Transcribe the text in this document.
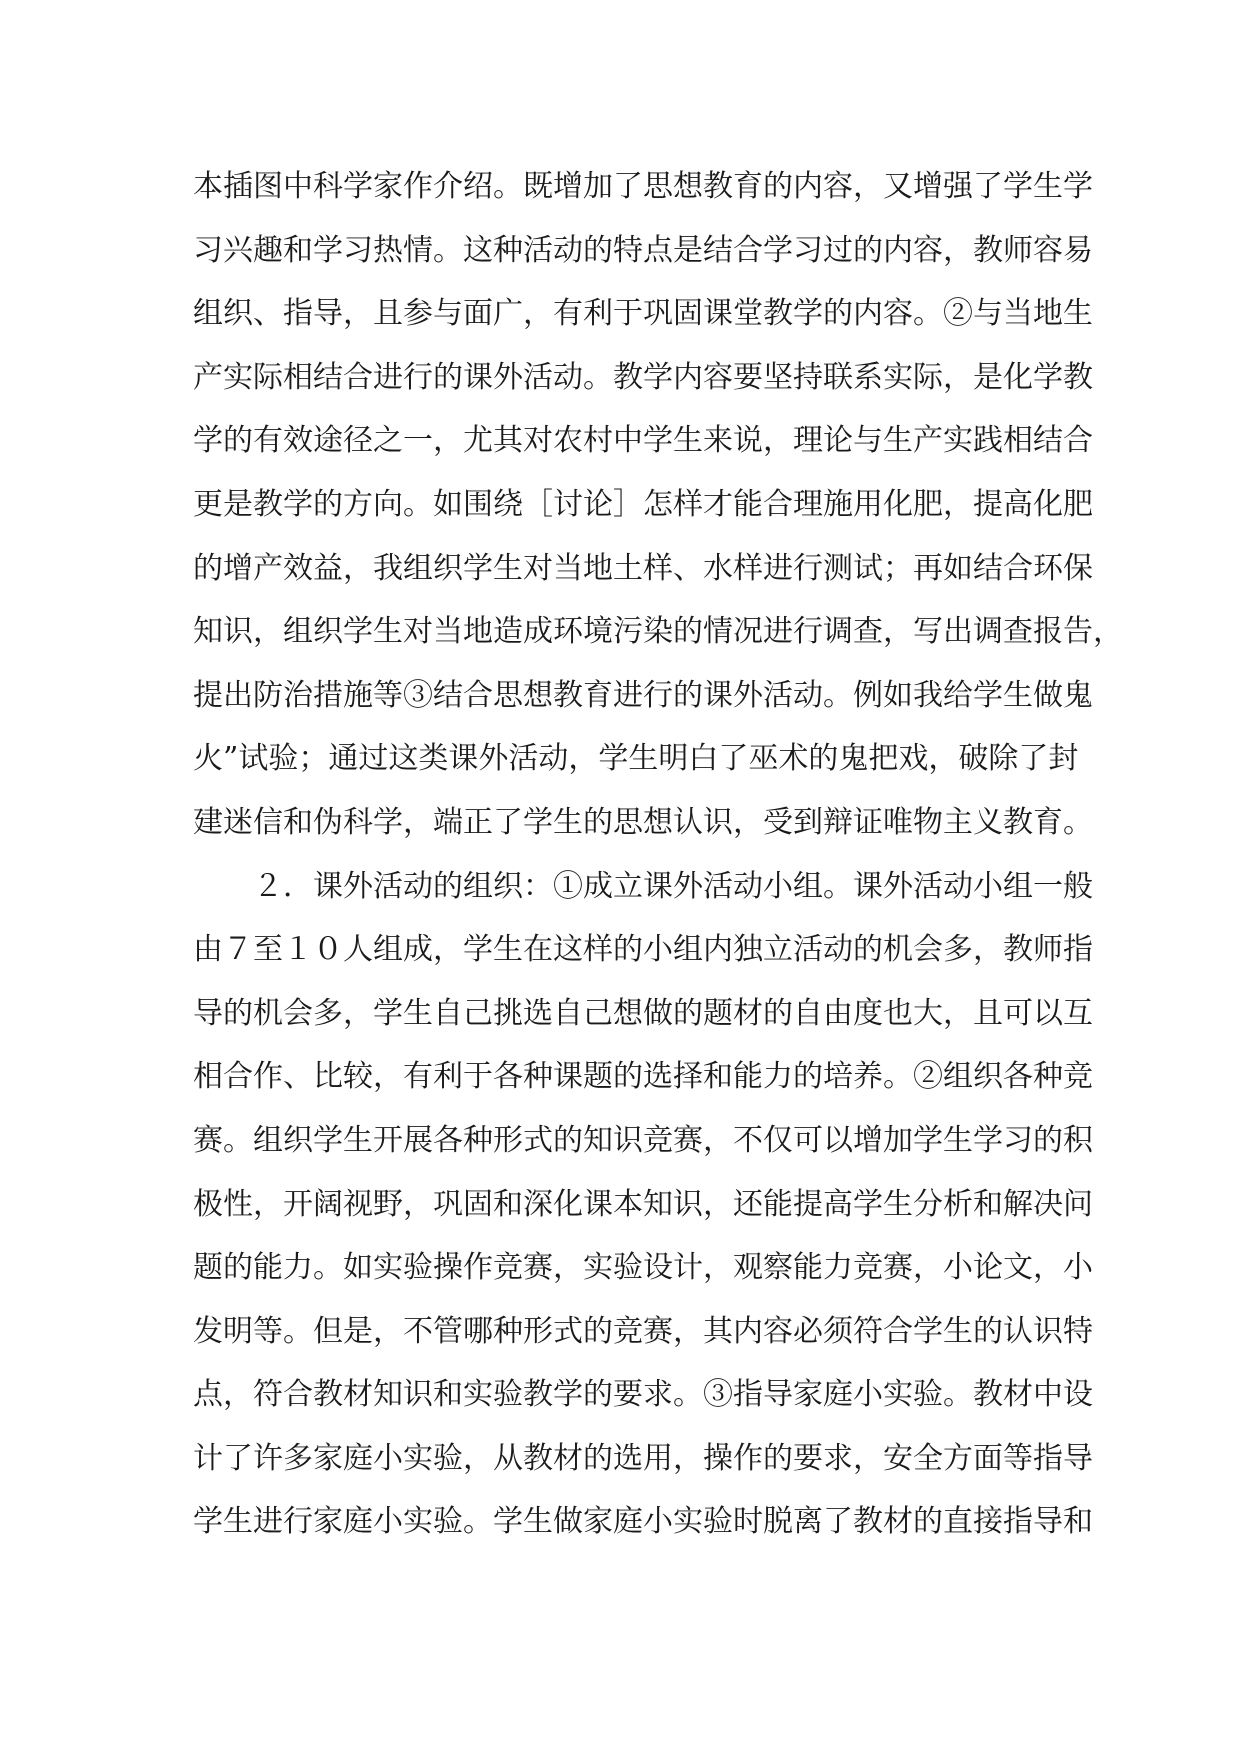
本插图中科学家作介绍。既增加了思想教育的内容，又增强了学生学
习兴趣和学习热情。这种活动的特点是结合学习过的内容，教师容易
组织、指导，且参与面广，有利于巩固课堂教学的内容。②与当地生
产实际相结合进行的课外活动。教学内容要坚持联系实际，是化学教
学的有效途径之一，尤其对农村中学生来说，理论与生产实践相结合
更是教学的方向。如围绕［讨论］怎样才能合理施用化肥，提高化肥
的增产效益，我组织学生对当地土样、水样进行测试；再如结合环保
知识，组织学生对当地造成环境污染的情况进行调查，写出调查报告，
提出防治措施等③结合思想教育进行的课外活动。例如我给学生做鬼
火”试验；通过这类课外活动，学生明白了巫术的鬼把戏，破除了封
建迷信和伪科学，端正了学生的思想认识，受到辩证唯物主义教育。
２．课外活动的组织：①成立课外活动小组。课外活动小组一般
由７至１０人组成，学生在这样的小组内独立活动的机会多，教师指
导的机会多，学生自己挑选自己想做的题材的自由度也大，且可以互
相合作、比较，有利于各种课题的选择和能力的培养。②组织各种竞
赛。组织学生开展各种形式的知识竞赛，不仅可以增加学生学习的积
极性，开阔视野，巩固和深化课本知识，还能提高学生分析和解决问
题的能力。如实验操作竞赛，实验设计，观察能力竞赛，小论文，小
发明等。但是，不管哪种形式的竞赛，其内容必须符合学生的认识特
点，符合教材知识和实验教学的要求。③指导家庭小实验。教材中设
计了许多家庭小实验，从教材的选用，操作的要求，安全方面等指导
学生进行家庭小实验。学生做家庭小实验时脱离了教材的直接指导和
